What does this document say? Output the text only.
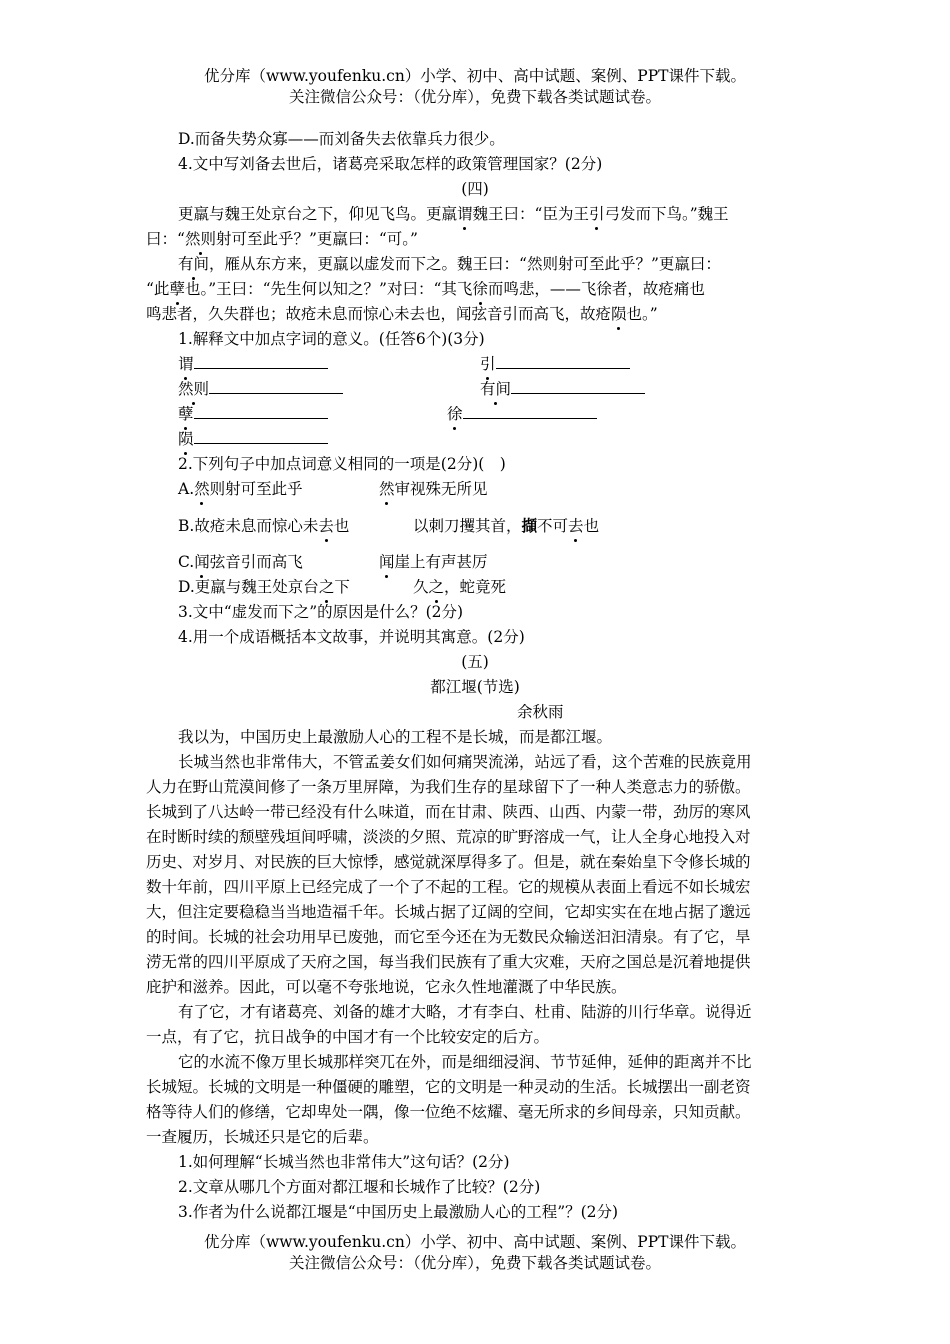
优分库（www.youfenku.cn）小学、初中、高中试题、案例、PPT课件下载。
关注微信公众号：（优分库），免费下载各类试题试卷。
D.而备失势众寡——而刘备失去依靠兵力很少。
4.文中写刘备去世后，诸葛亮采取怎样的政策管理国家？(2分)
(四)
更羸与魏王处京台之下，仰见飞鸟。更羸谓魏王曰：“臣为王引弓发而下鸟。”魏王
曰：“然则射可至此乎？”更羸曰：“可。”
有间，雁从东方来，更羸以虚发而下之。魏王曰：“然则射可至此乎？”更羸曰：
“此孽也。”王曰：“先生何以知之？”对曰：“其飞徐而鸣悲，——飞徐者，故疮痛也
鸣悲者，久失群也；故疮未息而惊心未去也，闻弦音引而高飞，故疮陨也。”
1.解释文中加点字词的意义。(任答6个)(3分)
谓	引
然则	有间
孽	徐
陨
2.下列句子中加点词意义相同的一项是(2分)(　)
A.然则射可至此乎	然审视殊无所见
B.故疮未息而惊心未去也	以刺刀攫其首，擷不可去也
C.闻弦音引而高飞	闻崖上有声甚厉
D.更羸与魏王处京台之下	久之，蛇竟死
3.文中“虚发而下之”的原因是什么？(2分)
4.用一个成语概括本文故事，并说明其寓意。(2分)
(五)
都江堰(节选)
余秋雨
我以为，中国历史上最激励人心的工程不是长城，而是都江堰。
长城当然也非常伟大，不管孟姜女们如何痛哭流涕，站远了看，这个苦难的民族竟用
人力在野山荒漠间修了一条万里屏障，为我们生存的星球留下了一种人类意志力的骄傲。
长城到了八达岭一带已经没有什么味道，而在甘肃、陕西、山西、内蒙一带，劲厉的寒风
在时断时续的颓壁残垣间呼啸，淡淡的夕照、荒凉的旷野溶成一气，让人全身心地投入对
历史、对岁月、对民族的巨大惊悸，感觉就深厚得多了。但是，就在秦始皇下令修长城的
数十年前，四川平原上已经完成了一个了不起的工程。它的规模从表面上看远不如长城宏
大，但注定要稳稳当当地造福千年。长城占据了辽阔的空间，它却实实在在地占据了邈远
的时间。长城的社会功用早已废弛，而它至今还在为无数民众输送汩汩清泉。有了它，旱
涝无常的四川平原成了天府之国，每当我们民族有了重大灾难，天府之国总是沉着地提供
庇护和滋养。因此，可以毫不夸张地说，它永久性地灌溉了中华民族。
有了它，才有诸葛亮、刘备的雄才大略，才有李白、杜甫、陆游的川行华章。说得近
一点，有了它，抗日战争的中国才有一个比较安定的后方。
它的水流不像万里长城那样突兀在外，而是细细浸润、节节延伸，延伸的距离并不比
长城短。长城的文明是一种僵硬的雕塑，它的文明是一种灵动的生活。长城摆出一副老资
格等待人们的修缮，它却卑处一隅，像一位绝不炫耀、毫无所求的乡间母亲，只知贡献。
一查履历，长城还只是它的后辈。
1.如何理解“长城当然也非常伟大”这句话？(2分)
2.文章从哪几个方面对都江堰和长城作了比较？(2分)
3.作者为什么说都江堰是“中国历史上最激励人心的工程”？(2分)
优分库（www.youfenku.cn）小学、初中、高中试题、案例、PPT课件下载。
关注微信公众号：（优分库），免费下载各类试题试卷。
